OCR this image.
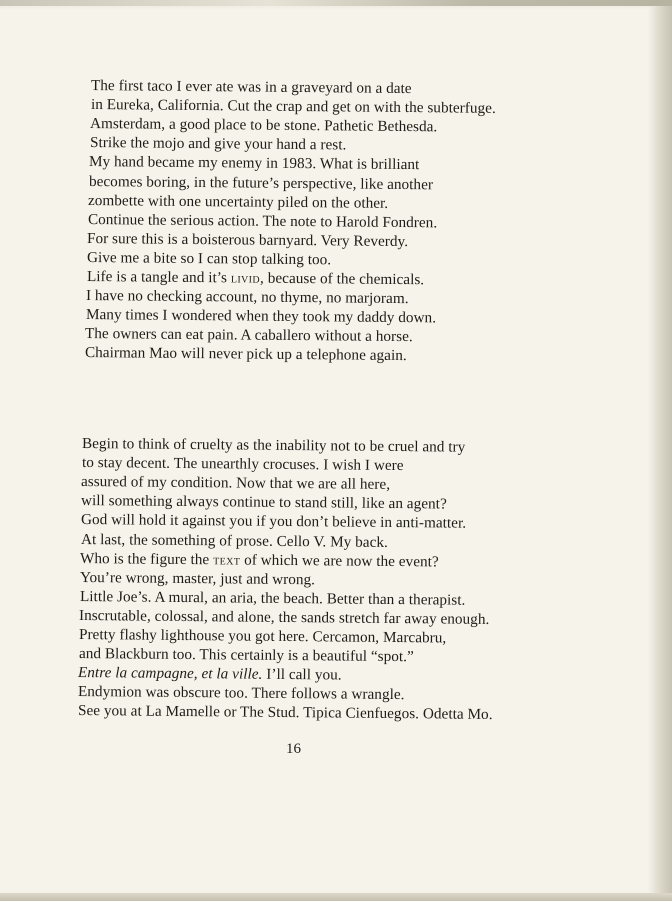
The first taco I ever ate was in a graveyard on a date
in Eureka, California. Cut the crap and get on with the subterfuge.
Amsterdam, a good place to be stone. Pathetic Bethesda.
Strike the mojo and give your hand a rest.
My hand became my enemy in 1983. What is brilliant
becomes boring, in the future’s perspective, like another
zombette with one uncertainty piled on the other.
Continue the serious action. The note to Harold Fondren.
For sure this is a boisterous barnyard. Very Reverdy.
Give me a bite so I can stop talking too.
Life is a tangle and it’s livid, because of the chemicals.
I have no checking account, no thyme, no marjoram.
Many times I wondered when they took my daddy down.
The owners can eat pain. A caballero without a horse.
Chairman Mao will never pick up a telephone again.
Begin to think of cruelty as the inability not to be cruel and try
to stay decent. The unearthly crocuses. I wish I were
assured of my condition. Now that we are all here,
will something always continue to stand still, like an agent?
God will hold it against you if you don’t believe in anti-matter.
At last, the something of prose. Cello V. My back.
Who is the figure the text of which we are now the event?
You’re wrong, master, just and wrong.
Little Joe’s. A mural, an aria, the beach. Better than a therapist.
Inscrutable, colossal, and alone, the sands stretch far away enough.
Pretty flashy lighthouse you got here. Cercamon, Marcabru,
and Blackburn too. This certainly is a beautiful “spot.”
Entre la campagne, et la ville. I’ll call you.
Endymion was obscure too. There follows a wrangle.
See you at La Mamelle or The Stud. Tipica Cienfuegos. Odetta Mo.
16
